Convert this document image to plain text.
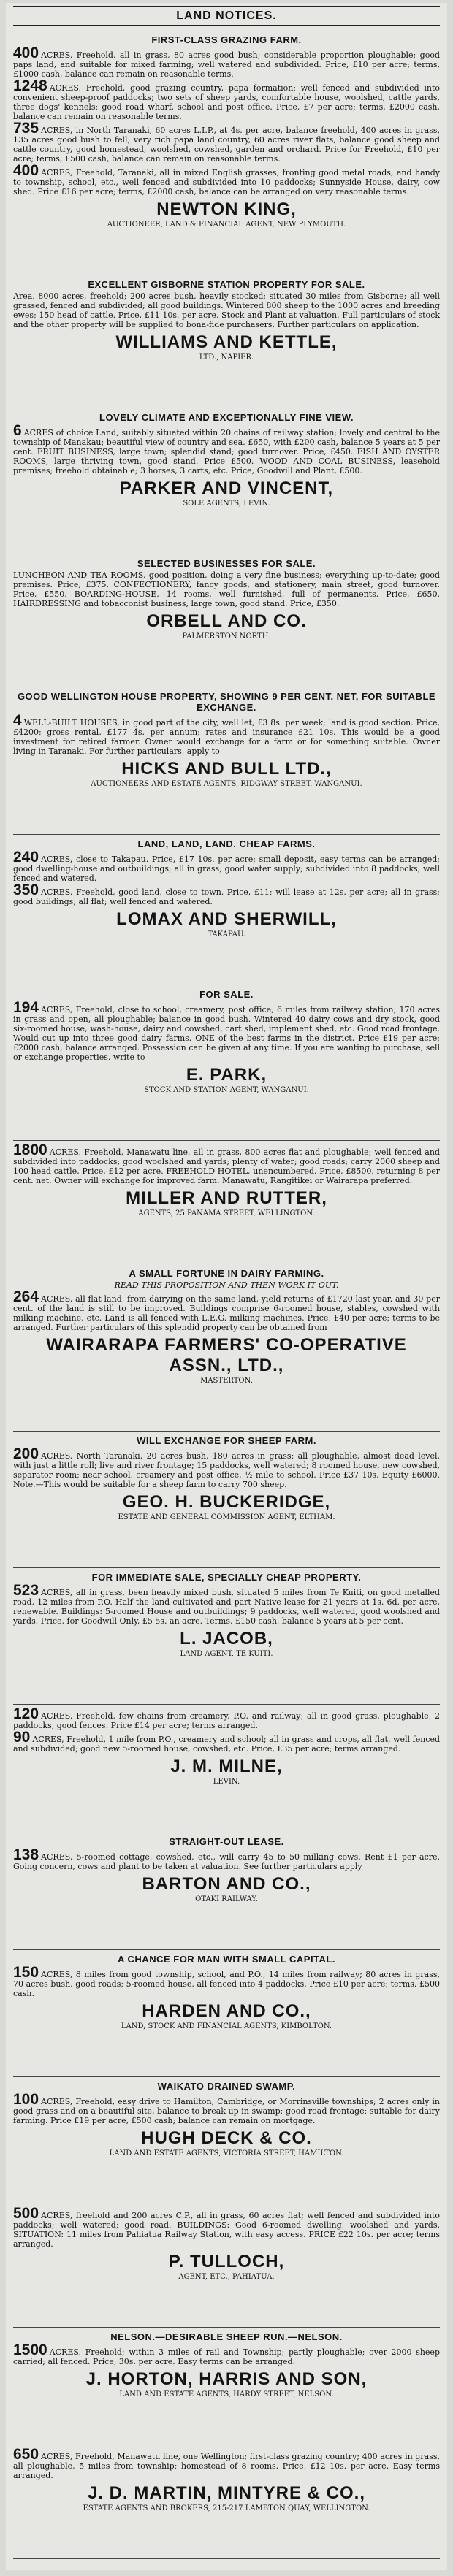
LAND NOTICES.
FIRST-CLASS GRAZING FARM.
400 ACRES, Freehold, all in grass, 80 acres good bush; considerable proportion ploughable; good paps land, and suitable for mixed farming; well watered and subdivided. Price, £10 per acre; terms, £1000 cash, balance can remain on reasonable terms.
1248 ACRES, Freehold, good grazing country, papa formation; well fenced and subdivided into convenient sheep-proof paddocks; two sets of sheep yards, comfortable house, woolshed, cattle yards, three dogs' kennels; good road wharf, school and post office. Price, £7 per acre; terms, £2000 cash, balance can remain on reasonable terms.
735 ACRES, in North Taranaki, 60 acres L.I.P., at 4s. per acre, balance freehold, 400 acres in grass, 135 acres good bush to fell; very rich papa land country, 60 acres river flats, balance good sheep and cattle country, good homestead, woolshed, cowshed, garden and orchard. Price for Freehold, £10 per acre; terms, £500 cash, balance can remain on reasonable terms.
400 ACRES, Freehold, Taranaki, all in mixed English grasses, fronting good metal roads, and handy to township, school, etc., well fenced and subdivided into 10 paddocks; Sunnyside House, dairy, cow shed. Price £16 per acre; terms, £2000 cash, balance can be arranged on very reasonable terms.
NEWTON KING,
AUCTIONEER, LAND & FINANCIAL AGENT, NEW PLYMOUTH.
EXCELLENT GISBORNE STATION PROPERTY FOR SALE.
Area, 8000 acres, freehold; 200 acres bush, heavily stocked; situated 30 miles from Gisborne; all well grassed, fenced and subdivided; all good buildings. Wintered 800 sheep to the 1000 acres and breeding ewes; 150 head of cattle. Price, £11 10s. per acre. Stock and Plant at valuation. Full particulars of stock and the other property will be supplied to bona-fide purchasers. Further particulars on application.
WILLIAMS AND KETTLE,
LTD., NAPIER.
LOVELY CLIMATE AND EXCEPTIONALLY FINE VIEW.
6 ACRES of choice Land, suitably situated within 20 chains of railway station; lovely and central to the township of Manakau; beautiful view of country and sea. £650, with £200 cash, balance 5 years at 5 per cent. FRUIT BUSINESS, large town; splendid stand; good turnover. Price, £450. FISH AND OYSTER ROOMS, large thriving town, good stand. Price £500. WOOD AND COAL BUSINESS, leasehold premises; freehold obtainable; 3 horses, 3 carts, etc. Price, Goodwill and Plant, £500.
PARKER AND VINCENT,
SOLE AGENTS, LEVIN.
SELECTED BUSINESSES FOR SALE.
LUNCHEON AND TEA ROOMS, good position, doing a very fine business; everything up-to-date; good premises. Price, £375. CONFECTIONERY, fancy goods, and stationery, main street, good turnover. Price, £550. BOARDING-HOUSE, 14 rooms, well furnished, full of permanents. Price, £650. HAIRDRESSING and tobacconist business, large town, good stand. Price, £350.
ORBELL AND CO.
PALMERSTON NORTH.
GOOD WELLINGTON HOUSE PROPERTY, SHOWING 9 PER CENT. NET, FOR SUITABLE EXCHANGE.
4 WELL-BUILT HOUSES, in good part of the city, well let, £3 8s. per week; land is good section. Price, £4200; gross rental, £177 4s. per annum; rates and insurance £21 10s. This would be a good investment for retired farmer. Owner would exchange for a farm or for something suitable. Owner living in Taranaki. For further particulars, apply to
HICKS AND BULL LTD.,
AUCTIONEERS AND ESTATE AGENTS, RIDGWAY STREET, WANGANUI.
LAND, LAND, LAND. CHEAP FARMS.
240 ACRES, close to Takapau. Price, £17 10s. per acre; small deposit, easy terms can be arranged; good dwelling-house and outbuildings; all in grass; good water supply; subdivided into 8 paddocks; well fenced and watered.
350 ACRES, Freehold, good land, close to town. Price, £11; will lease at 12s. per acre; all in grass; good buildings; all flat; well fenced and watered.
LOMAX AND SHERWILL,
TAKAPAU.
FOR SALE.
194 ACRES, Freehold, close to school, creamery, post office, 6 miles from railway station; 170 acres in grass and open, all ploughable; balance in good bush. Wintered 40 dairy cows and dry stock, good six-roomed house, wash-house, dairy and cowshed, cart shed, implement shed, etc. Good road frontage. Would cut up into three good dairy farms. ONE of the best farms in the district. Price £19 per acre; £2000 cash, balance arranged. Possession can be given at any time. If you are wanting to purchase, sell or exchange properties, write to
E. PARK,
STOCK AND STATION AGENT, WANGANUI.
1800 ACRES, Freehold, Manawatu line, all in grass, 800 acres flat and ploughable; well fenced and subdivided into paddocks; good woolshed and yards; plenty of water; good roads; carry 2000 sheep and 100 head cattle. Price, £12 per acre. FREEHOLD HOTEL, unencumbered. Price, £8500, returning 8 per cent. net. Owner will exchange for improved farm. Manawatu, Rangitikei or Wairarapa preferred.
MILLER AND RUTTER,
AGENTS, 25 PANAMA STREET, WELLINGTON.
A SMALL FORTUNE IN DAIRY FARMING.
READ THIS PROPOSITION AND THEN WORK IT OUT.
264 ACRES, all flat land, from dairying on the same land, yield returns of £1720 last year, and 30 per cent. of the land is still to be improved. Buildings comprise 6-roomed house, stables, cowshed with milking machine, etc. Land is all fenced with L.E.G. milking machines. Price, £40 per acre; terms to be arranged. Further particulars of this splendid property can be obtained from
WAIRARAPA FARMERS' CO-OPERATIVE ASSN., LTD.,
MASTERTON.
WILL EXCHANGE FOR SHEEP FARM.
200 ACRES, North Taranaki, 20 acres bush, 180 acres in grass; all ploughable, almost dead level, with just a little roll; live and river frontage; 15 paddocks, well watered; 8 roomed house, new cowshed, separator room; near school, creamery and post office, ½ mile to school. Price £37 10s. Equity £6000. Note.—This would be suitable for a sheep farm to carry 700 sheep.
GEO. H. BUCKERIDGE,
ESTATE AND GENERAL COMMISSION AGENT, ELTHAM.
FOR IMMEDIATE SALE, SPECIALLY CHEAP PROPERTY.
523 ACRES, all in grass, been heavily mixed bush, situated 5 miles from Te Kuiti, on good metalled road, 12 miles from P.O. Half the land cultivated and part Native lease for 21 years at 1s. 6d. per acre, renewable. Buildings: 5-roomed House and outbuildings; 9 paddocks, well watered, good woolshed and yards. Price, for Goodwill Only, £5 5s. an acre. Terms, £150 cash, balance 5 years at 5 per cent.
L. JACOB,
LAND AGENT, TE KUITI.
120 ACRES, Freehold, few chains from creamery, P.O. and railway; all in good grass, ploughable, 2 paddocks, good fences. Price £14 per acre; terms arranged.
90 ACRES, Freehold, 1 mile from P.O., creamery and school; all in grass and crops, all flat, well fenced and subdivided; good new 5-roomed house, cowshed, etc. Price, £35 per acre; terms arranged.
J. M. MILNE,
LEVIN.
STRAIGHT-OUT LEASE.
138 ACRES, 5-roomed cottage, cowshed, etc., will carry 45 to 50 milking cows. Rent £1 per acre. Going concern, cows and plant to be taken at valuation. See further particulars apply
BARTON AND CO.,
OTAKI RAILWAY.
A CHANCE FOR MAN WITH SMALL CAPITAL.
150 ACRES, 8 miles from good township, school, and P.O., 14 miles from railway; 80 acres in grass, 70 acres bush, good roads; 5-roomed house, all fenced into 4 paddocks. Price £10 per acre; terms, £500 cash.
HARDEN AND CO.,
LAND, STOCK AND FINANCIAL AGENTS, KIMBOLTON.
WAIKATO DRAINED SWAMP.
100 ACRES, Freehold, easy drive to Hamilton, Cambridge, or Morrinsville townships; 2 acres only in good grass and on a beautiful site, balance to break up in swamp; good road frontage; suitable for dairy farming. Price £19 per acre, £500 cash; balance can remain on mortgage.
HUGH DECK & CO.
LAND AND ESTATE AGENTS, VICTORIA STREET, HAMILTON.
500 ACRES, freehold and 200 acres C.P., all in grass, 60 acres flat; well fenced and subdivided into paddocks; well watered; good road. BUILDINGS: Good 6-roomed dwelling, woolshed and yards. SITUATION: 11 miles from Pahiatua Railway Station, with easy access. PRICE £22 10s. per acre; terms arranged.
P. TULLOCH,
AGENT, ETC., PAHIATUA.
NELSON.—DESIRABLE SHEEP RUN.—NELSON.
1500 ACRES, Freehold; within 3 miles of rail and Township; partly ploughable; over 2000 sheep carried; all fenced. Price, 30s. per acre. Easy terms can be arranged.
J. HORTON, HARRIS AND SON,
LAND AND ESTATE AGENTS, HARDY STREET, NELSON.
650 ACRES, Freehold, Manawatu line, one Wellington; first-class grazing country; 400 acres in grass, all ploughable, 5 miles from township; homestead of 8 rooms. Price, £12 10s. per acre. Easy terms arranged.
J. D. MARTIN, MINTYRE & CO.,
ESTATE AGENTS AND BROKERS, 215-217 LAMBTON QUAY, WELLINGTON.
